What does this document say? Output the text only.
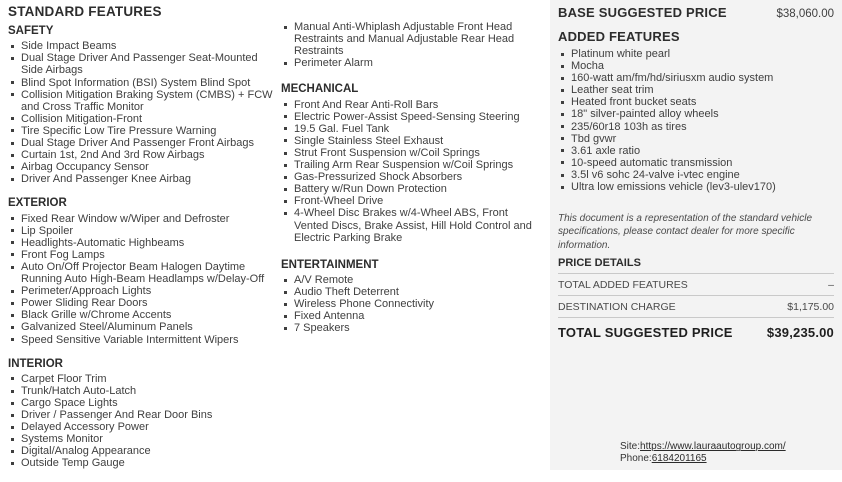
STANDARD FEATURES
SAFETY
Side Impact Beams
Dual Stage Driver And Passenger Seat-Mounted Side Airbags
Blind Spot Information (BSI) System Blind Spot
Collision Mitigation Braking System (CMBS) + FCW and Cross Traffic Monitor
Collision Mitigation-Front
Tire Specific Low Tire Pressure Warning
Dual Stage Driver And Passenger Front Airbags
Curtain 1st, 2nd And 3rd Row Airbags
Airbag Occupancy Sensor
Driver And Passenger Knee Airbag
EXTERIOR
Fixed Rear Window w/Wiper and Defroster
Lip Spoiler
Headlights-Automatic Highbeams
Front Fog Lamps
Auto On/Off Projector Beam Halogen Daytime Running Auto High-Beam Headlamps w/Delay-Off
Perimeter/Approach Lights
Power Sliding Rear Doors
Black Grille w/Chrome Accents
Galvanized Steel/Aluminum Panels
Speed Sensitive Variable Intermittent Wipers
INTERIOR
Carpet Floor Trim
Trunk/Hatch Auto-Latch
Cargo Space Lights
Driver / Passenger And Rear Door Bins
Delayed Accessory Power
Systems Monitor
Digital/Analog Appearance
Outside Temp Gauge
Manual Anti-Whiplash Adjustable Front Head Restraints and Manual Adjustable Rear Head Restraints
Perimeter Alarm
MECHANICAL
Front And Rear Anti-Roll Bars
Electric Power-Assist Speed-Sensing Steering
19.5 Gal. Fuel Tank
Single Stainless Steel Exhaust
Strut Front Suspension w/Coil Springs
Trailing Arm Rear Suspension w/Coil Springs
Gas-Pressurized Shock Absorbers
Battery w/Run Down Protection
Front-Wheel Drive
4-Wheel Disc Brakes w/4-Wheel ABS, Front Vented Discs, Brake Assist, Hill Hold Control and Electric Parking Brake
ENTERTAINMENT
A/V Remote
Audio Theft Deterrent
Wireless Phone Connectivity
Fixed Antenna
7 Speakers
BASE SUGGESTED PRICE	$38,060.00
ADDED FEATURES
Platinum white pearl
Mocha
160-watt am/fm/hd/siriusxm audio system
Leather seat trim
Heated front bucket seats
18" silver-painted alloy wheels
235/60r18 103h as tires
Tbd gvwr
3.61 axle ratio
10-speed automatic transmission
3.5l v6 sohc 24-valve i-vtec engine
Ultra low emissions vehicle (lev3-ulev170)

This document is a representation of the standard vehicle specifications, please contact dealer for more specific information.

PRICE DETAILS
TOTAL ADDED FEATURES	–
DESTINATION CHARGE	$1,175.00
TOTAL SUGGESTED PRICE	$39,235.00
Site:https://www.lauraautogroup.com/
Phone:6184201165
